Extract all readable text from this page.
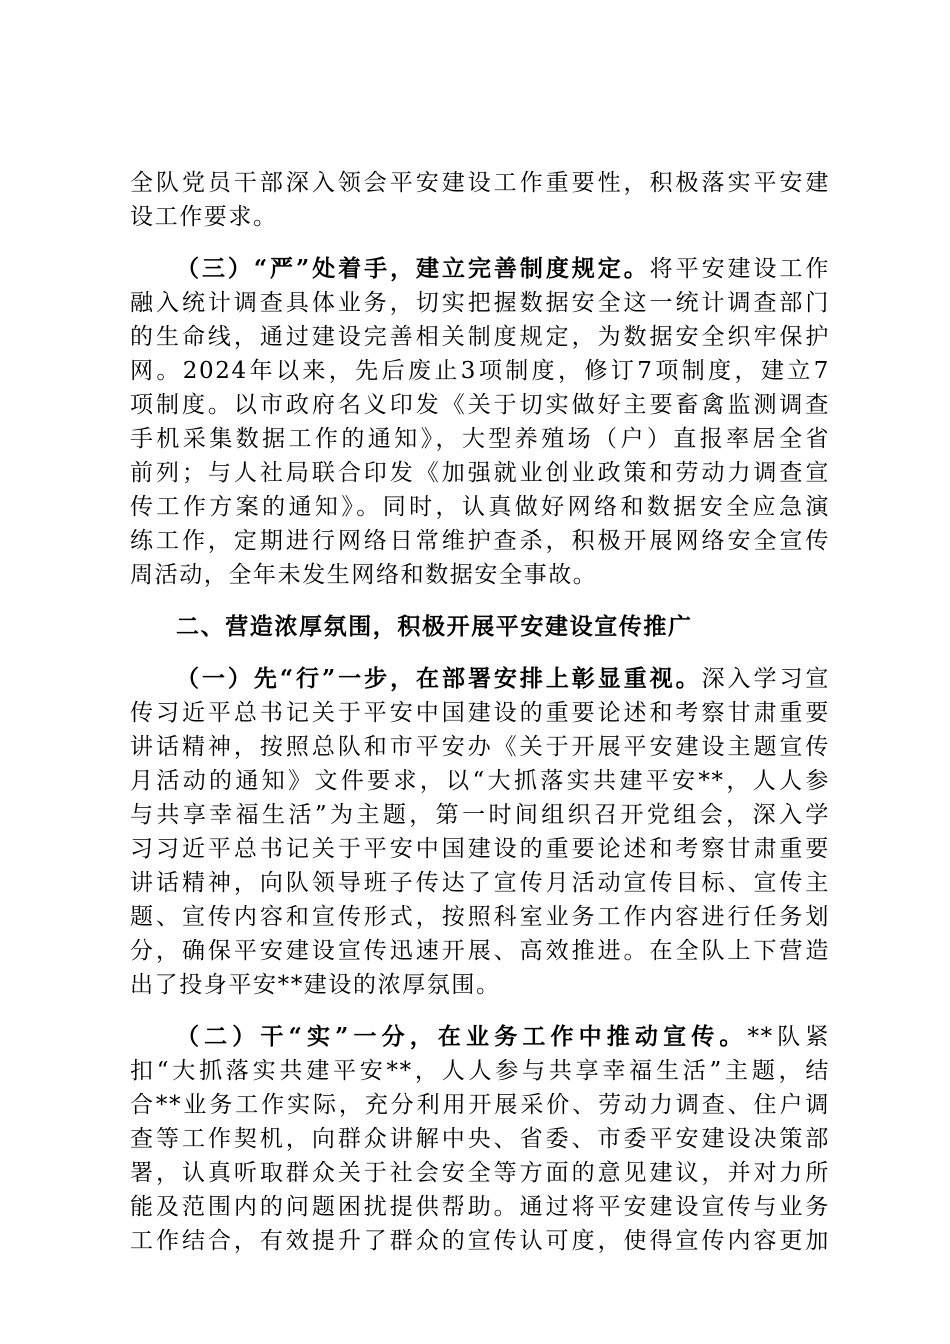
全队党员干部深入领会平安建设工作重要性，积极落实平安建
设工作要求。
（三）“严”处着手，建立完善制度规定。将平安建设工作
融入统计调查具体业务，切实把握数据安全这一统计调查部门
的生命线，通过建设完善相关制度规定，为数据安全织牢保护
网。2024年以来，先后废止3项制度，修订7项制度，建立7
项制度。以市政府名义印发《关于切实做好主要畜禽监测调查
手机采集数据工作的通知》，大型养殖场（户）直报率居全省
前列；与人社局联合印发《加强就业创业政策和劳动力调查宣
传工作方案的通知》。同时，认真做好网络和数据安全应急演
练工作，定期进行网络日常维护查杀，积极开展网络安全宣传
周活动，全年未发生网络和数据安全事故。
二、营造浓厚氛围，积极开展平安建设宣传推广
（一）先“行”一步，在部署安排上彰显重视。深入学习宣
传习近平总书记关于平安中国建设的重要论述和考察甘肃重要
讲话精神，按照总队和市平安办《关于开展平安建设主题宣传
月活动的通知》文件要求，以“大抓落实共建平安**，人人参
与共享幸福生活”为主题，第一时间组织召开党组会，深入学
习习近平总书记关于平安中国建设的重要论述和考察甘肃重要
讲话精神，向队领导班子传达了宣传月活动宣传目标、宣传主
题、宣传内容和宣传形式，按照科室业务工作内容进行任务划
分，确保平安建设宣传迅速开展、高效推进。在全队上下营造
出了投身平安**建设的浓厚氛围。
（二）干“实”一分，在业务工作中推动宣传。**队紧
扣“大抓落实共建平安**，人人参与共享幸福生活”主题，结
合**业务工作实际，充分利用开展采价、劳动力调查、住户调
查等工作契机，向群众讲解中央、省委、市委平安建设决策部
署，认真听取群众关于社会安全等方面的意见建议，并对力所
能及范围内的问题困扰提供帮助。通过将平安建设宣传与业务
工作结合，有效提升了群众的宣传认可度，使得宣传内容更加
